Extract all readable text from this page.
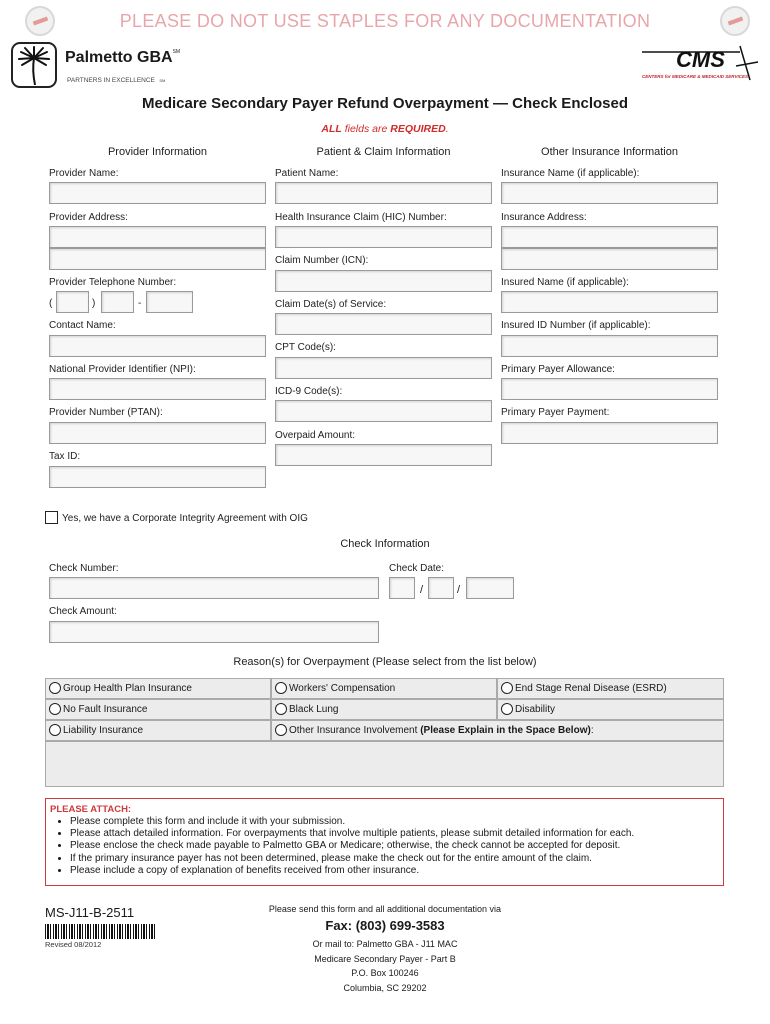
PLEASE DO NOT USE STAPLES FOR ANY DOCUMENTATION
Palmetto GBA℠
PARTNERS IN EXCELLENCE SM
CMS
CENTERS for MEDICARE & MEDICAID SERVICES
Medicare Secondary Payer Refund Overpayment — Check Enclosed
ALL fields are REQUIRED.
Provider Information	Patient & Claim Information	Other Insurance Information
Provider Name:
Provider Address:
Provider Telephone Number:
(	)	-
Contact Name:
National Provider Identifier (NPI):
Provider Number (PTAN):
Tax ID:
Patient Name:
Health Insurance Claim (HIC) Number:
Claim Number (ICN):
Claim Date(s) of Service:
CPT Code(s):
ICD-9 Code(s):
Overpaid Amount:
Insurance Name (if applicable):
Insurance Address:
Insured Name (if applicable):
Insured ID Number (if applicable):
Primary Payer Allowance:
Primary Payer Payment:
Yes, we have a Corporate Integrity Agreement with OIG
Check Information
Check Number:	Check Date:
/	/
Check Amount:
Reason(s) for Overpayment (Please select from the list below)
Group Health Plan Insurance	Workers' Compensation	End Stage Renal Disease (ESRD)
No Fault Insurance	Black Lung	Disability
Liability Insurance	Other Insurance Involvement (Please Explain in the Space Below):
PLEASE ATTACH:
• Please complete this form and include it with your submission.
• Please attach detailed information. For overpayments that involve multiple patients, please submit detailed information for each.
• Please enclose the check made payable to Palmetto GBA or Medicare; otherwise, the check cannot be accepted for deposit.
• If the primary insurance payer has not been determined, please make the check out for the entire amount of the claim.
• Please include a copy of explanation of benefits received from other insurance.
MS-J11-B-2511
Revised 08/2012
Please send this form and all additional documentation via
Fax: (803) 699-3583
Or mail to: Palmetto GBA - J11 MAC
Medicare Secondary Payer - Part B
P.O. Box 100246
Columbia, SC 29202
